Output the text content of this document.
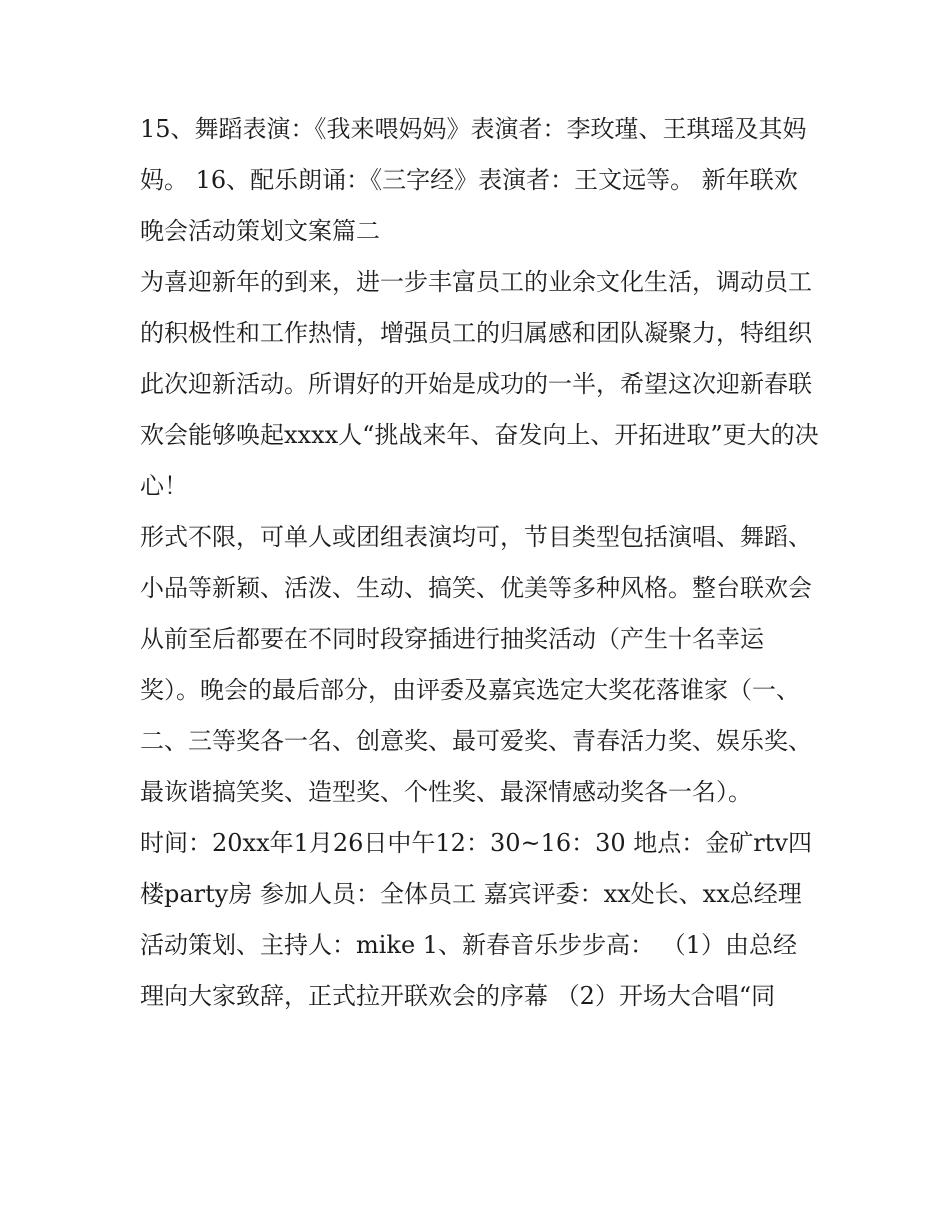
15、舞蹈表演：《我来喂妈妈》表演者：李玫瑾、王琪瑶及其妈妈。 16、配乐朗诵：《三字经》表演者：王文远等。 新年联欢晚会活动策划文案篇二

为喜迎新年的到来，进一步丰富员工的业余文化生活，调动员工的积极性和工作热情，增强员工的归属感和团队凝聚力，特组织此次迎新活动。所谓好的开始是成功的一半，希望这次迎新春联欢会能够唤起xxxx人“挑战来年、奋发向上、开拓进取”更大的决心！

形式不限，可单人或团组表演均可，节目类型包括演唱、舞蹈、小品等新颖、活泼、生动、搞笑、优美等多种风格。整台联欢会从前至后都要在不同时段穿插进行抽奖活动（产生十名幸运奖）。晚会的最后部分，由评委及嘉宾选定大奖花落谁家（一、二、三等奖各一名、创意奖、最可爱奖、青春活力奖、娱乐奖、最诙谐搞笑奖、造型奖、个性奖、最深情感动奖各一名）。

时间：20xx年1月26日中午12：30~16：30 地点：金矿rtv四楼party房 参加人员：全体员工 嘉宾评委：xx处长、xx总经理

活动策划、主持人：mike 1、新春音乐步步高： （1）由总经理向大家致辞，正式拉开联欢会的序幕 （2）开场大合唱“同
